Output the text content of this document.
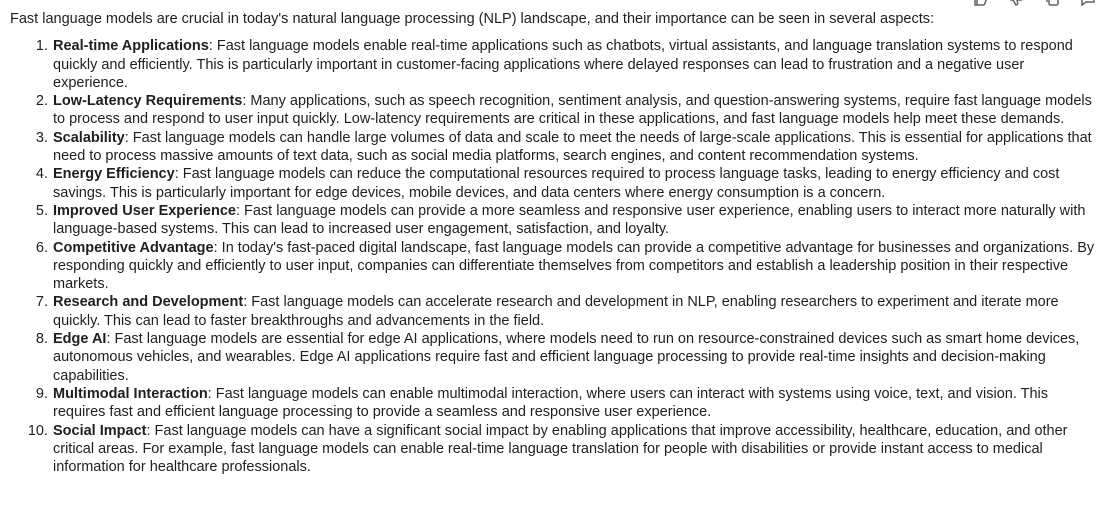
Fast language models are crucial in today's natural language processing (NLP) landscape, and their importance can be seen in several aspects:
1. Real-time Applications: Fast language models enable real-time applications such as chatbots, virtual assistants, and language translation systems to respond quickly and efficiently. This is particularly important in customer-facing applications where delayed responses can lead to frustration and a negative user experience.
2. Low-Latency Requirements: Many applications, such as speech recognition, sentiment analysis, and question-answering systems, require fast language models to process and respond to user input quickly. Low-latency requirements are critical in these applications, and fast language models help meet these demands.
3. Scalability: Fast language models can handle large volumes of data and scale to meet the needs of large-scale applications. This is essential for applications that need to process massive amounts of text data, such as social media platforms, search engines, and content recommendation systems.
4. Energy Efficiency: Fast language models can reduce the computational resources required to process language tasks, leading to energy efficiency and cost savings. This is particularly important for edge devices, mobile devices, and data centers where energy consumption is a concern.
5. Improved User Experience: Fast language models can provide a more seamless and responsive user experience, enabling users to interact more naturally with language-based systems. This can lead to increased user engagement, satisfaction, and loyalty.
6. Competitive Advantage: In today's fast-paced digital landscape, fast language models can provide a competitive advantage for businesses and organizations. By responding quickly and efficiently to user input, companies can differentiate themselves from competitors and establish a leadership position in their respective markets.
7. Research and Development: Fast language models can accelerate research and development in NLP, enabling researchers to experiment and iterate more quickly. This can lead to faster breakthroughs and advancements in the field.
8. Edge AI: Fast language models are essential for edge AI applications, where models need to run on resource-constrained devices such as smart home devices, autonomous vehicles, and wearables. Edge AI applications require fast and efficient language processing to provide real-time insights and decision-making capabilities.
9. Multimodal Interaction: Fast language models can enable multimodal interaction, where users can interact with systems using voice, text, and vision. This requires fast and efficient language processing to provide a seamless and responsive user experience.
10. Social Impact: Fast language models can have a significant social impact by enabling applications that improve accessibility, healthcare, education, and other critical areas. For example, fast language models can enable real-time language translation for people with disabilities or provide instant access to medical information for healthcare professionals.
